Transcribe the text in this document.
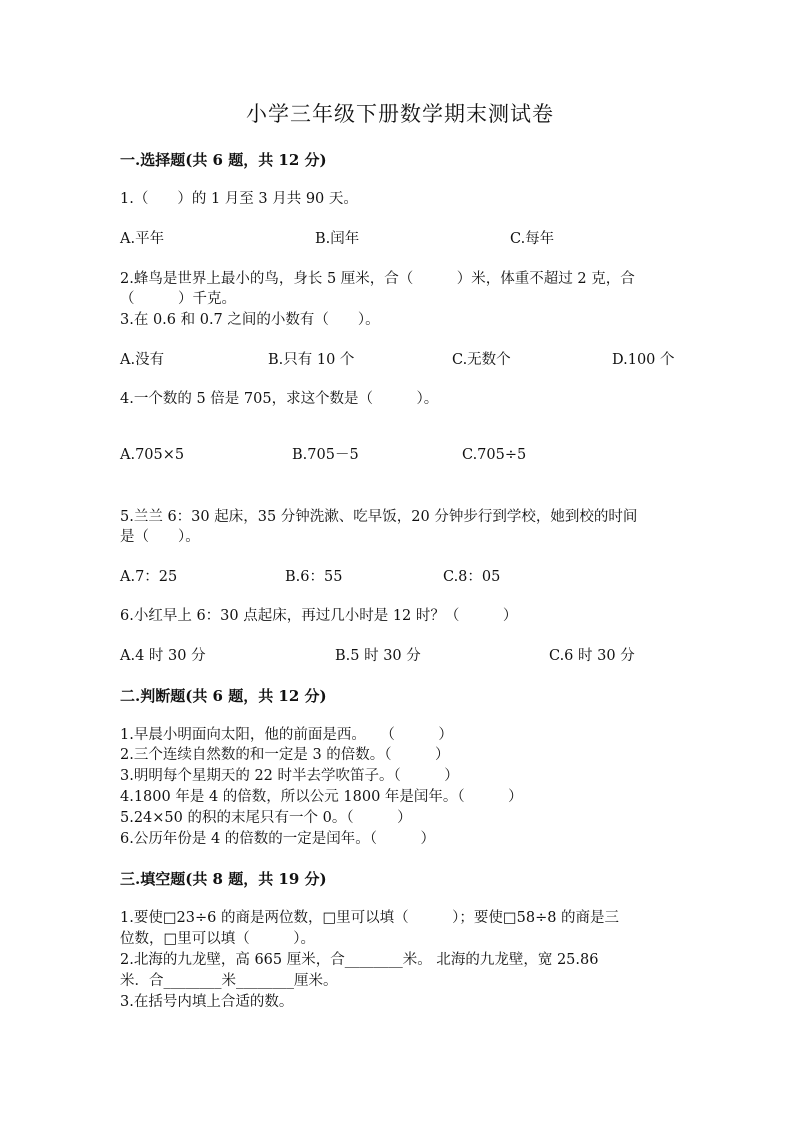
小学三年级下册数学期末测试卷
一.选择题(共 6 题，共 12 分)
1.（　　）的 1 月至 3 月共 90 天。
A.平年	B.闰年	C.每年
2.蜂鸟是世界上最小的鸟，身长 5 厘米，合（　　　）米，体重不超过 2 克，合
（　　　）千克。
3.在 0.6 和 0.7 之间的小数有（　　）。
A.没有	B.只有 10 个	C.无数个	D.100 个
4.一个数的 5 倍是 705，求这个数是（　　　）。
A.705×5	B.705－5	C.705÷5
5.兰兰 6：30 起床，35 分钟洗漱、吃早饭，20 分钟步行到学校，她到校的时间
是（　　）。
A.7：25	B.6：55	C.8：05
6.小红早上 6：30 点起床，再过几小时是 12 时？（　　　）
A.4 时 30 分	B.5 时 30 分	C.6 时 30 分
二.判断题(共 6 题，共 12 分)
1.早晨小明面向太阳，他的前面是西。　　（　　　）
2.三个连续自然数的和一定是 3 的倍数。（　　　）
3.明明每个星期天的 22 时半去学吹笛子。（　　　）
4.1800 年是 4 的倍数，所以公元 1800 年是闰年。（　　　）
5.24×50 的积的末尾只有一个 0。（　　　）
6.公历年份是 4 的倍数的一定是闰年。（　　　）
三.填空题(共 8 题，共 19 分)
1.要使□23÷6 的商是两位数，□里可以填（　　　）；要使□58÷8 的商是三
位数，□里可以填（　　　）。
2.北海的九龙壁，高 665 厘米，合________米。 北海的九龙壁，宽 25.86
米．合________米________厘米。
3.在括号内填上合适的数。
